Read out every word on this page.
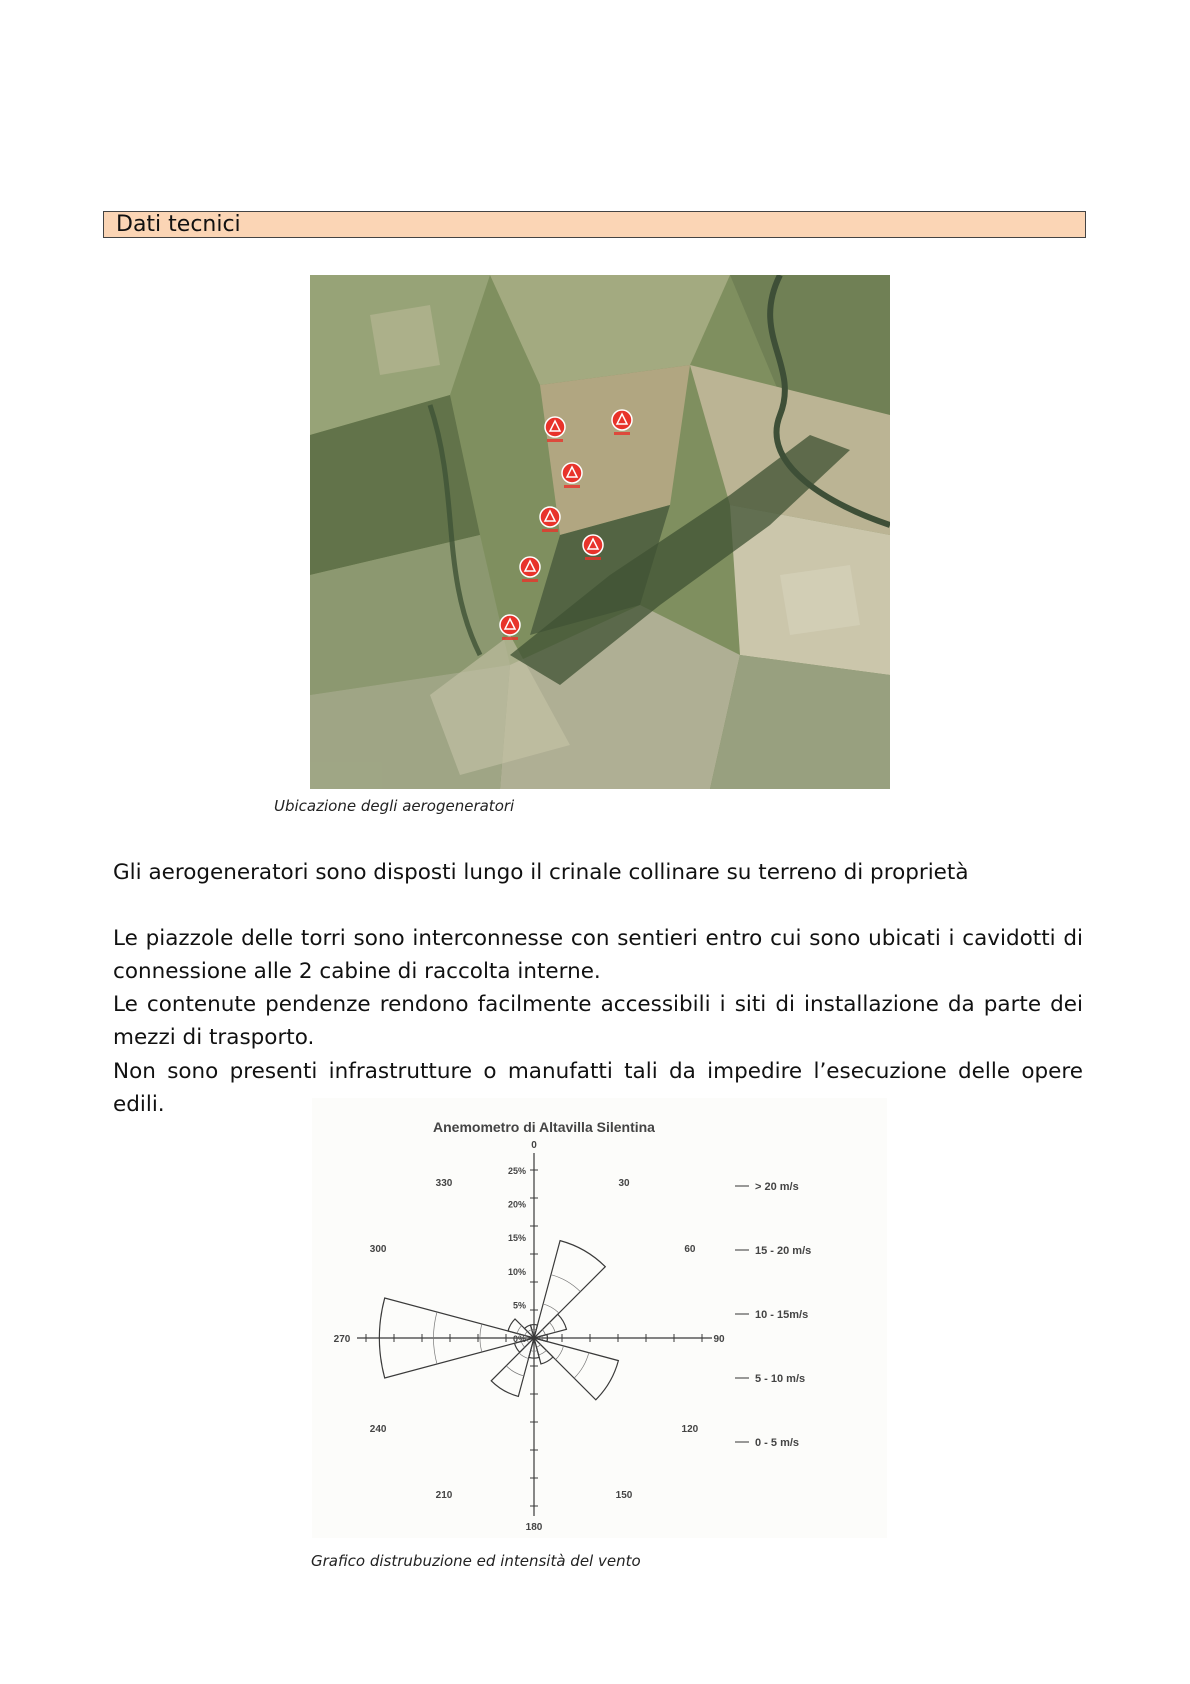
Dati tecnici
Ubicazione degli aerogeneratori

Gli aerogeneratori sono disposti lungo il crinale collinare su terreno di proprietà

Le piazzole delle torri sono interconnesse con sentieri entro cui sono ubicati i cavidotti di connessione alle 2 cabine di raccolta interne.

Le contenute pendenze rendono facilmente accessibili i siti di installazione da parte dei mezzi di trasporto.

Non sono presenti infrastrutture o manufatti tali da impedire l’esecuzione delle opere edili.

Anemometro di Altavilla Silentina
0%
5%
10%
15%
20%
25%
0
30
60
90
120
150
180
210
240
270
300
330	> 20 m/s
15 - 20 m/s
10 - 15m/s
5 - 10 m/s
0 - 5 m/s
Grafico distrubuzione ed intensità del vento
